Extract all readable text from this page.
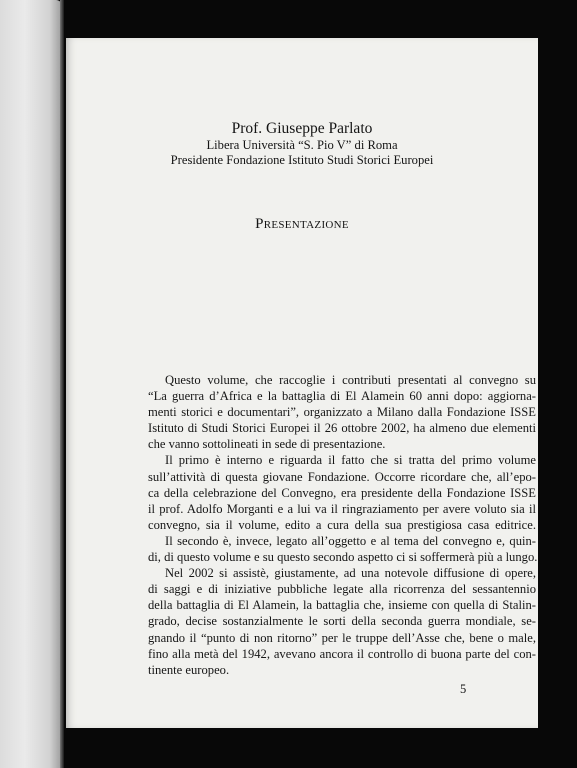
Prof. Giuseppe Parlato
Libera Università “S. Pio V” di Roma
Presidente Fondazione Istituto Studi Storici Europei
Presentazione
Questo volume, che raccoglie i contributi presentati al convegno su
“La guerra d’Africa e la battaglia di El Alamein 60 anni dopo: aggiorna-
menti storici e documentari”, organizzato a Milano dalla Fondazione ISSE
Istituto di Studi Storici Europei il 26 ottobre 2002, ha almeno due elementi
che vanno sottolineati in sede di presentazione.
Il primo è interno e riguarda il fatto che si tratta del primo volume
sull’attività di questa giovane Fondazione. Occorre ricordare che, all’epo-
ca della celebrazione del Convegno, era presidente della Fondazione ISSE
il prof. Adolfo Morganti e a lui va il ringraziamento per avere voluto sia il
convegno, sia il volume, edito a cura della sua prestigiosa casa editrice.
Il secondo è, invece, legato all’oggetto e al tema del convegno e, quin-
di, di questo volume e su questo secondo aspetto ci si soffermerà più a lungo.
Nel 2002 si assistè, giustamente, ad una notevole diffusione di opere,
di saggi e di iniziative pubbliche legate alla ricorrenza del sessantennio
della battaglia di El Alamein, la battaglia che, insieme con quella di Stalin-
grado, decise sostanzialmente le sorti della seconda guerra mondiale, se-
gnando il “punto di non ritorno” per le truppe dell’Asse che, bene o male,
fino alla metà del 1942, avevano ancora il controllo di buona parte del con-
tinente europeo.
5
